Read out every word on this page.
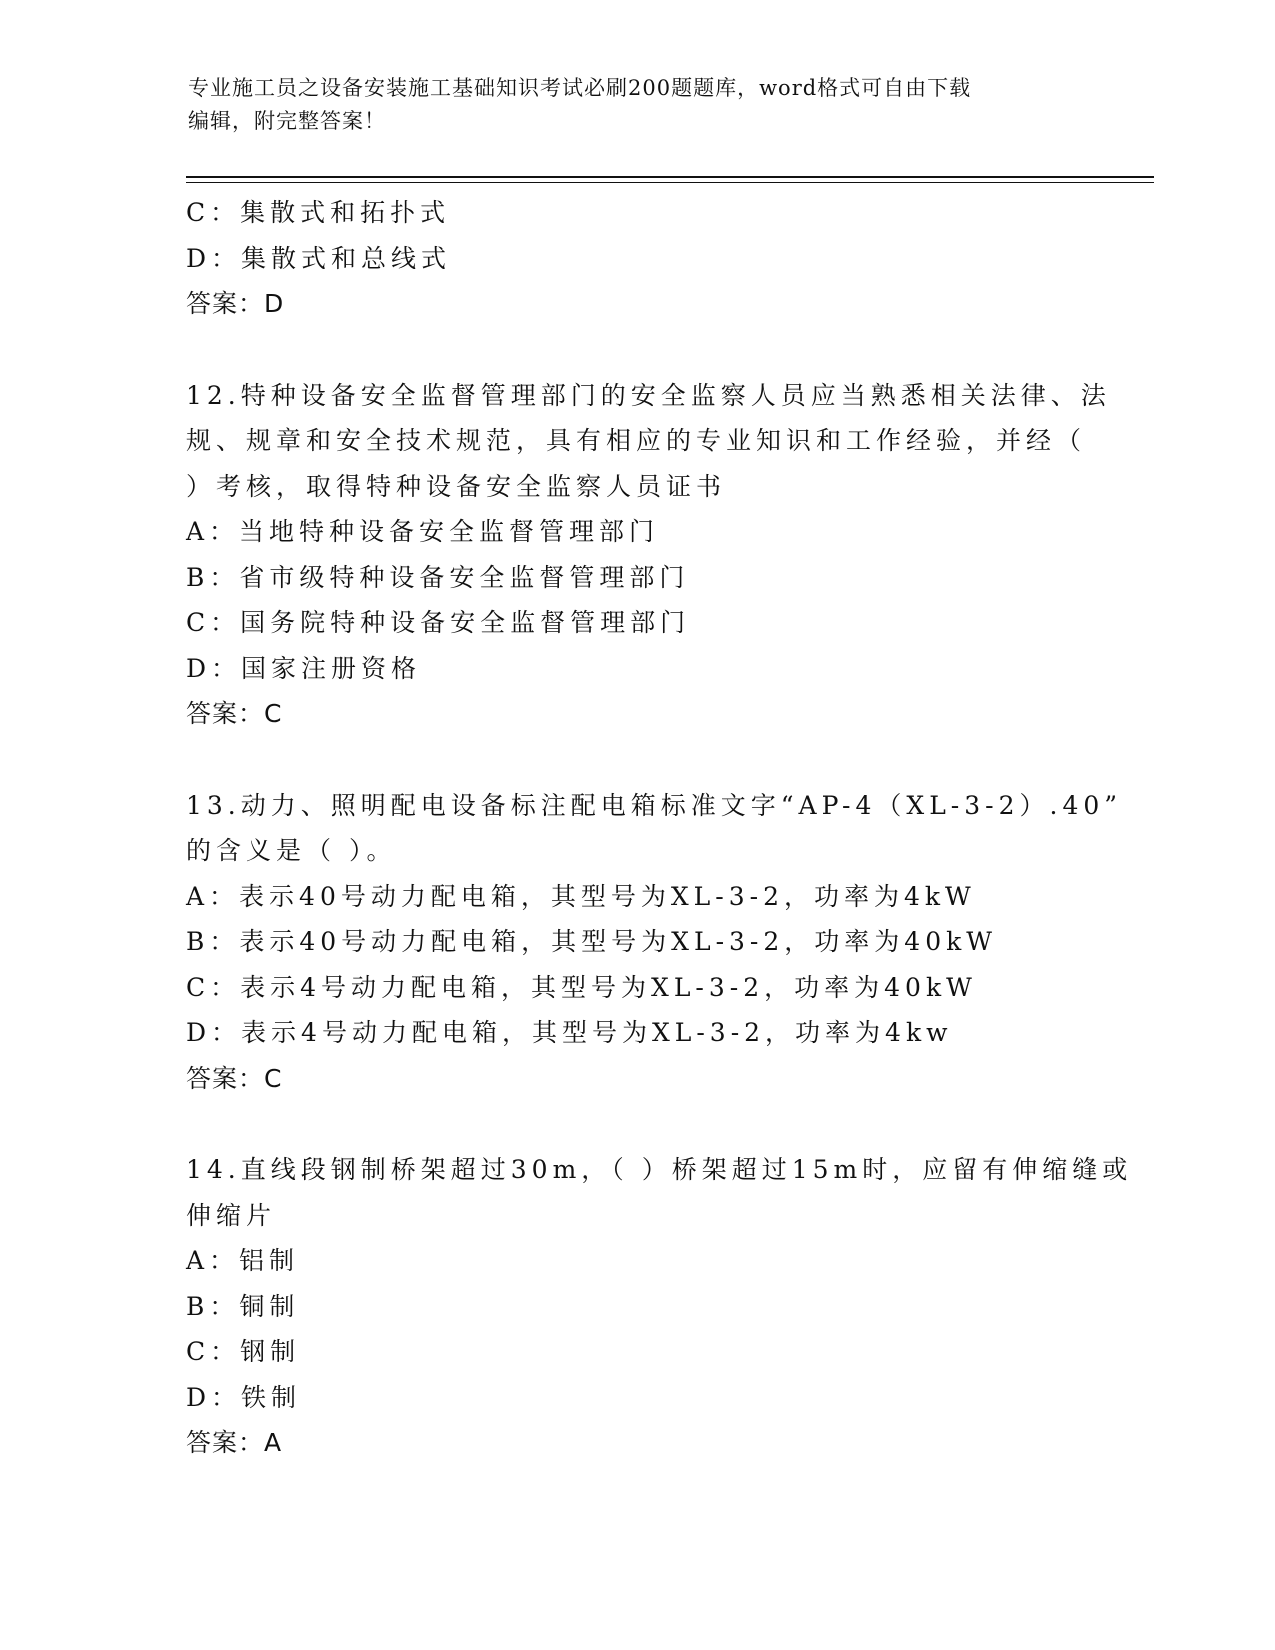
专业施工员之设备安装施工基础知识考试必刷200题题库，word格式可自由下载
编辑，附完整答案！
C：集散式和拓扑式
D：集散式和总线式
答案：D
12.特种设备安全监督管理部门的安全监察人员应当熟悉相关法律、法
规、规章和安全技术规范，具有相应的专业知识和工作经验，并经（
）考核，取得特种设备安全监察人员证书
A：当地特种设备安全监督管理部门
B：省市级特种设备安全监督管理部门
C：国务院特种设备安全监督管理部门
D：国家注册资格
答案：C
13.动力、照明配电设备标注配电箱标准文字“AP-4（XL-3-2）.40”
的含义是（ ）。
A：表示40号动力配电箱，其型号为XL-3-2，功率为4kW
B：表示40号动力配电箱，其型号为XL-3-2，功率为40kW
C：表示4号动力配电箱，其型号为XL-3-2，功率为40kW
D：表示4号动力配电箱，其型号为XL-3-2，功率为4kw
答案：C
14.直线段钢制桥架超过30m，（ ）桥架超过15m时，应留有伸缩缝或
伸缩片
A：铝制
B：铜制
C：钢制
D：铁制
答案：A
